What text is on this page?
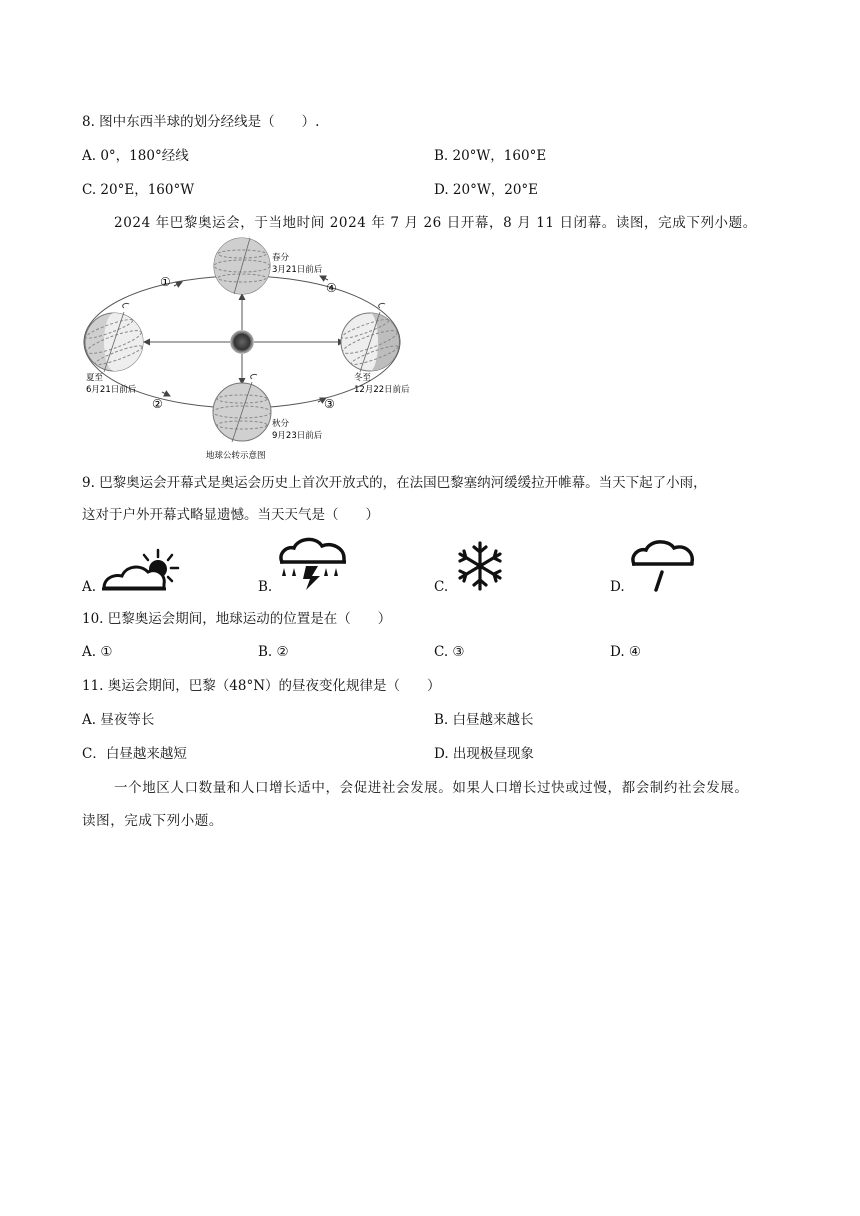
8. 图中东西半球的划分经线是（　　）.
A. 0°，180°经线	B. 20°W，160°E
C. 20°E，160°W	D. 20°W，20°E
2024 年巴黎奥运会，于当地时间 2024 年 7 月 26 日开幕，8 月 11 日闭幕。读图，完成下列小题。
①
②	③
④
春分
3月21日前后
夏至
6月21日前后
秋分
9月23日前后
冬至
12月22日前后
地球公转示意图
9. 巴黎奥运会开幕式是奥运会历史上首次开放式的，在法国巴黎塞纳河缓缓拉开帷幕。当天下起了小雨，
这对于户外开幕式略显遗憾。当天天气是（　　）
A.	B.	C.	D.
10. 巴黎奥运会期间，地球运动的位置是在（　　）
A. ①	B. ②	C. ③	D. ④
11. 奥运会期间，巴黎（48°N）的昼夜变化规律是（　　）
A. 昼夜等长	B. 白昼越来越长
C．白昼越来越短	D. 出现极昼现象
一个地区人口数量和人口增长适中，会促进社会发展。如果人口增长过快或过慢，都会制约社会发展。
读图，完成下列小题。
